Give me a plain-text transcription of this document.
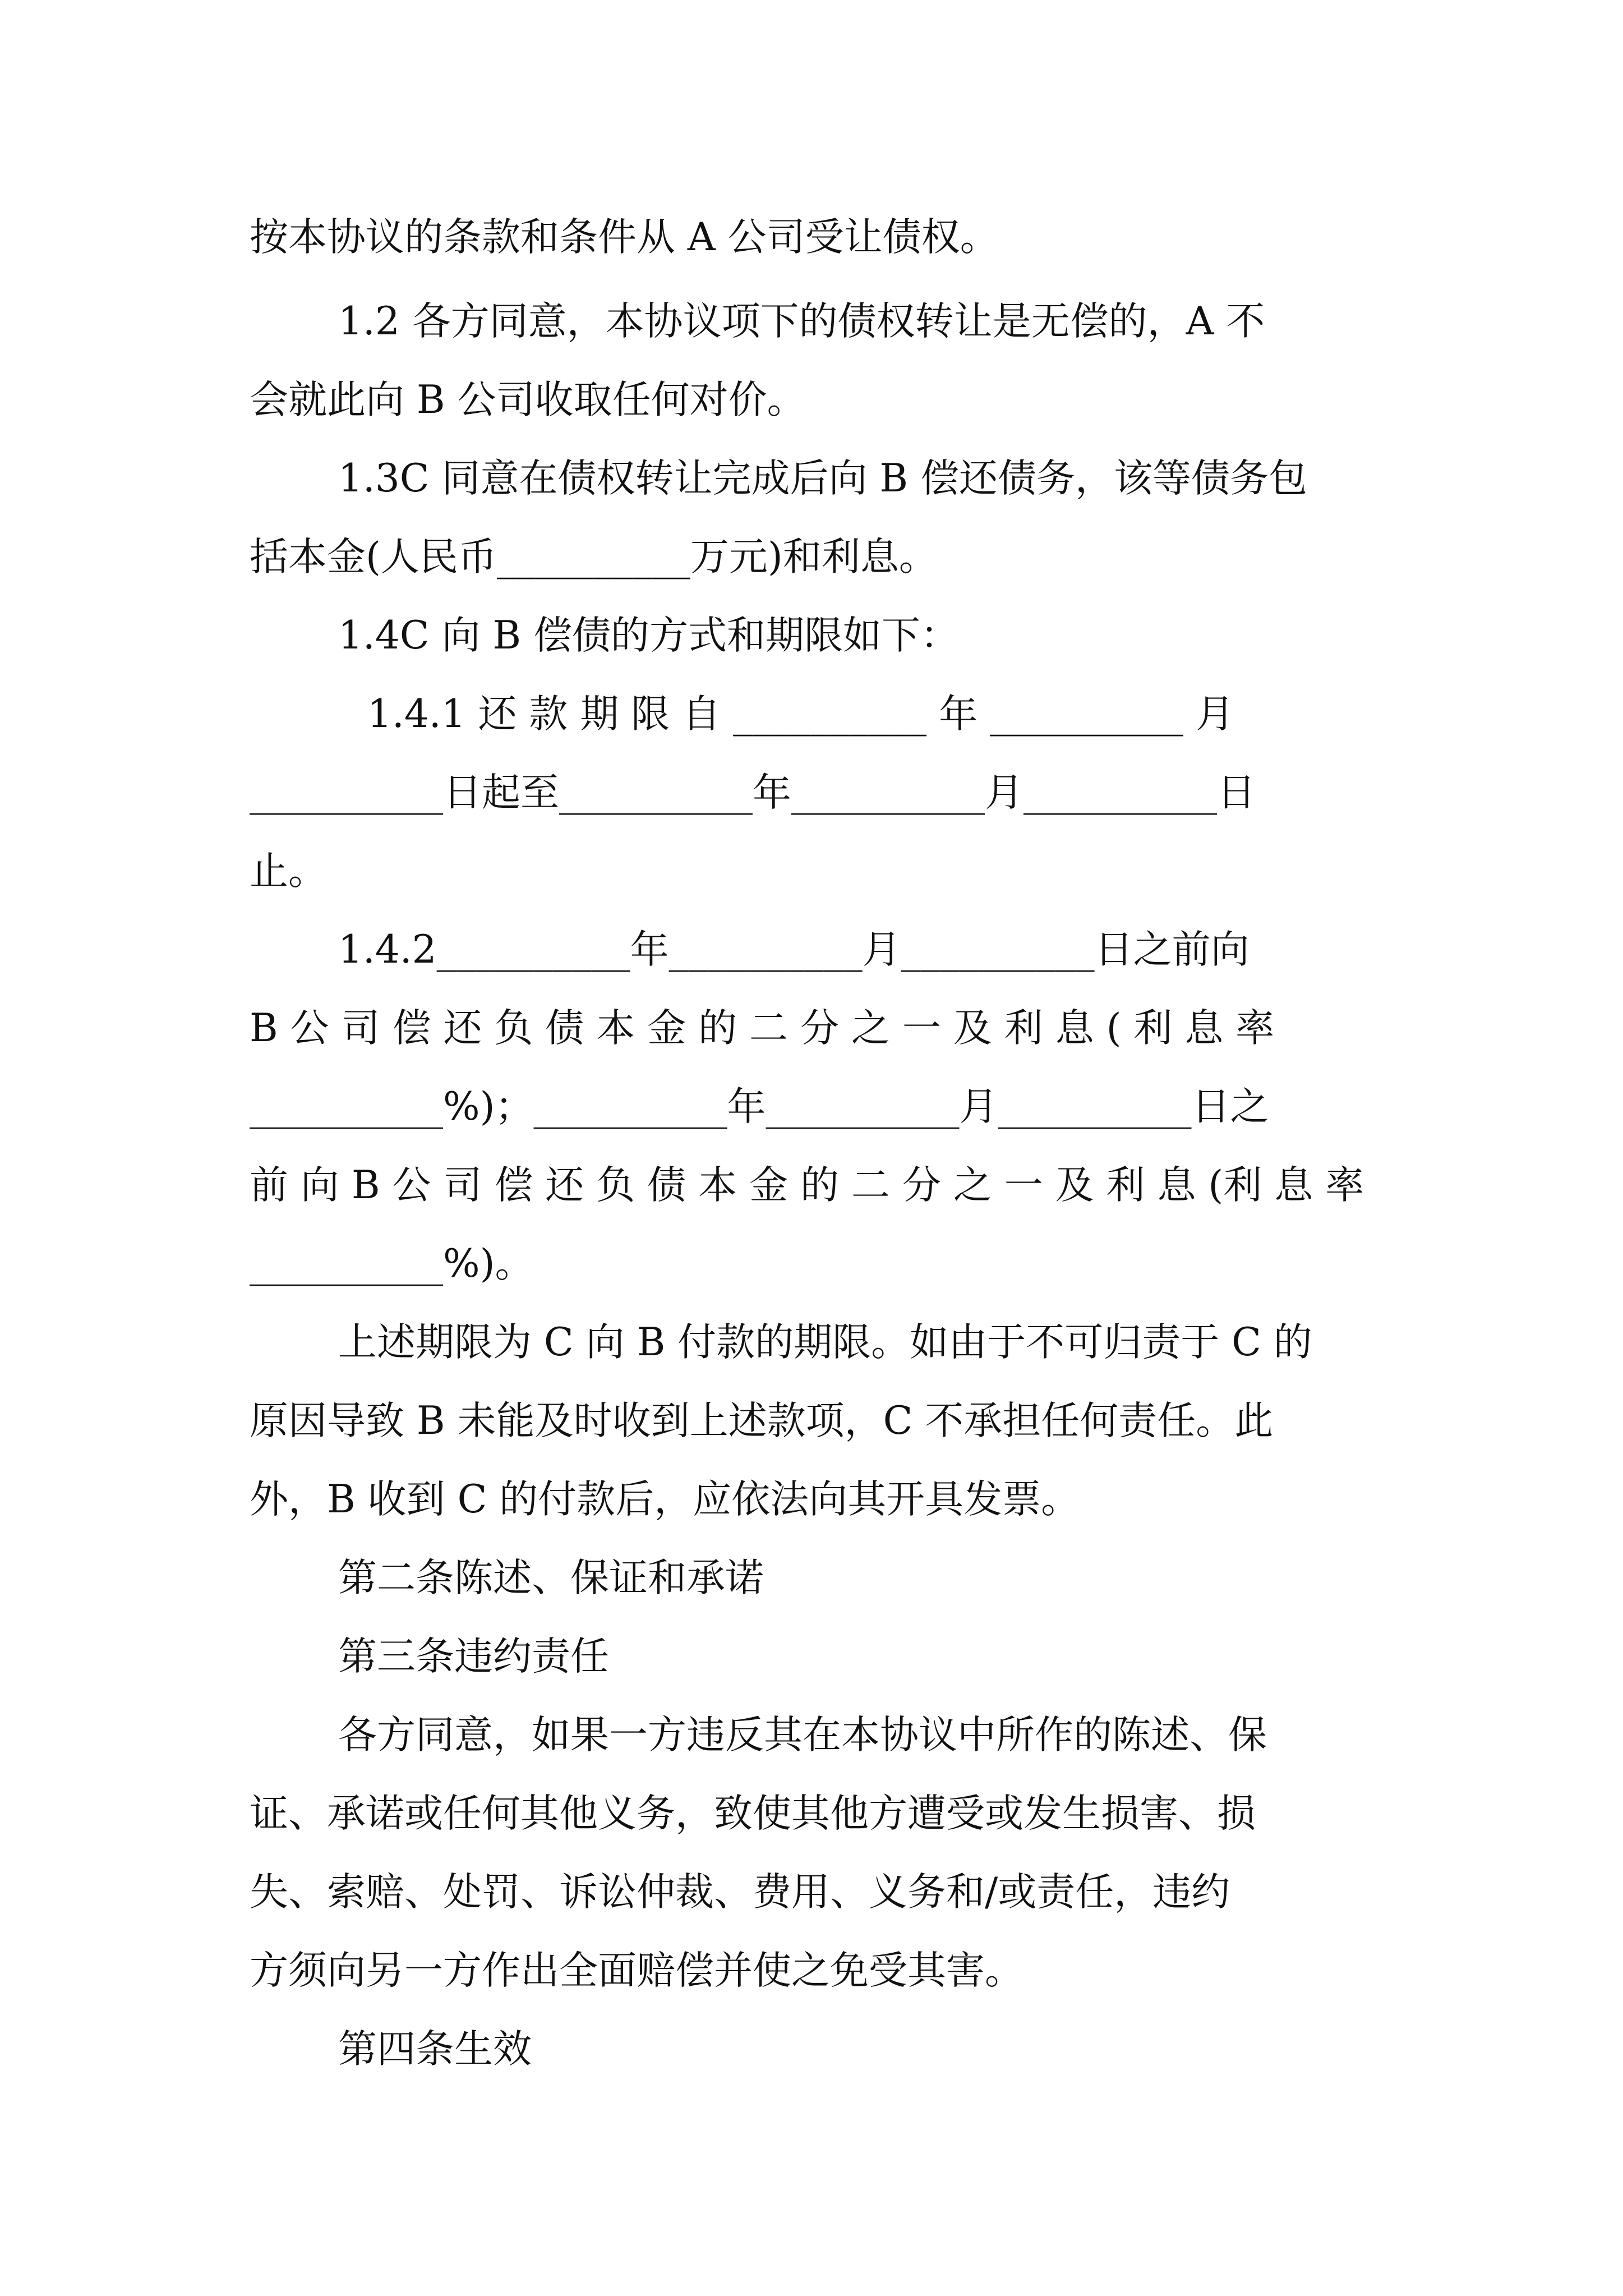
按本协议的条款和条件从 A 公司受让债权。
1.2 各方同意，本协议项下的债权转让是无偿的，A 不
会就此向 B 公司收取任何对价。
1.3C 同意在债权转让完成后向 B 偿还债务，该等债务包
括本金(人民币__________万元)和利息。
1.4C 向 B 偿债的方式和期限如下：
1.4.1 还 款 期 限 自 __________ 年 __________ 月
__________日起至__________年__________月__________日
止。
1.4.2__________年__________月__________日之前向
B 公 司 偿 还 负 债 本 金 的 二 分 之 一 及 利 息 ( 利 息 率
__________%)；__________年__________月__________日之
前 向 B 公 司 偿 还 负 债 本 金 的 二 分 之 一 及 利 息 (利 息 率
__________%)。
上述期限为 C 向 B 付款的期限。如由于不可归责于 C 的
原因导致 B 未能及时收到上述款项，C 不承担任何责任。此
外，B 收到 C 的付款后，应依法向其开具发票。
第二条陈述、保证和承诺
第三条违约责任
各方同意，如果一方违反其在本协议中所作的陈述、保
证、承诺或任何其他义务，致使其他方遭受或发生损害、损
失、索赔、处罚、诉讼仲裁、费用、义务和/或责任，违约
方须向另一方作出全面赔偿并使之免受其害。
第四条生效
